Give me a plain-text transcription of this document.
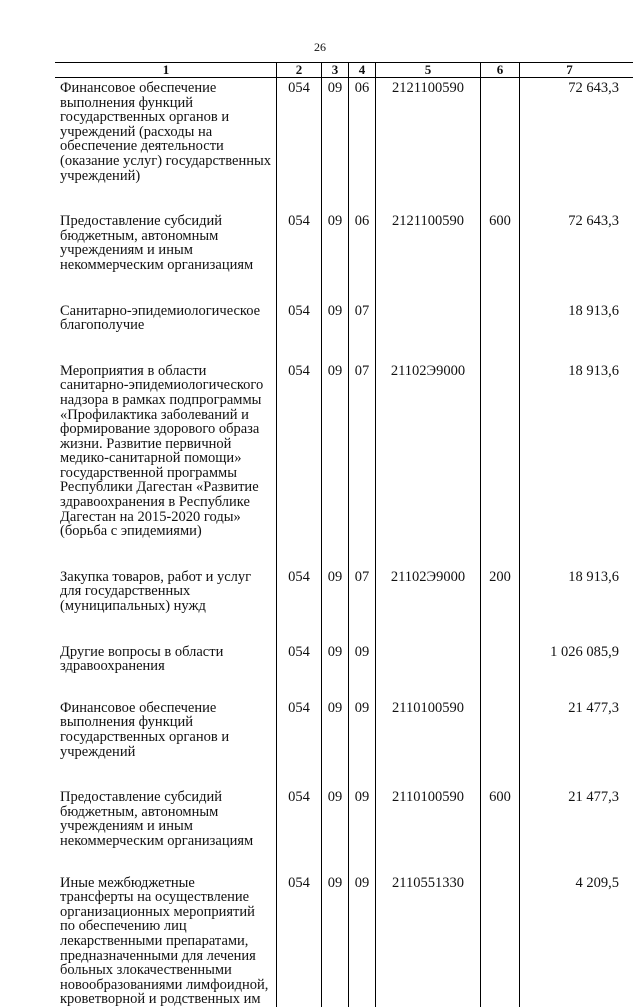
26
1	2	3	4	5	6	7
Финансовое обеспечение выполнения функций государственных органов и учреждений (расходы на обеспечение деятельности (оказание услуг) государственных учреждений)	054	09	06	2121100590		72 643,3
Предоставление субсидий бюджетным, автономным учреждениям и иным некоммерческим организациям	054	09	06	2121100590	600	72 643,3
Санитарно-эпидемиологическое благополучие	054	09	07			18 913,6
Мероприятия в области санитарно-эпидемиологического надзора в рамках подпрограммы «Профилактика заболеваний и формирование здорового образа жизни. Развитие первичной медико-санитарной помощи» государственной программы Республики Дагестан «Развитие здравоохранения в Республике Дагестан на 2015-2020 годы» (борьба с эпидемиями)	054	09	07	21102Э9000		18 913,6
Закупка товаров, работ и услуг для государственных (муниципальных) нужд	054	09	07	21102Э9000	200	18 913,6
Другие вопросы в области здравоохранения	054	09	09			1 026 085,9
Финансовое обеспечение выполнения функций государственных органов и учреждений	054	09	09	2110100590		21 477,3
Предоставление субсидий бюджетным, автономным учреждениям и иным некоммерческим организациям	054	09	09	2110100590	600	21 477,3
Иные межбюджетные трансферты на осуществление организационных мероприятий по обеспечению лиц лекарственными препаратами, предназначенными для лечения больных злокачественными новообразованиями лимфоидной, кроветворной и родственных им	054	09	09	2110551330		4 209,5
